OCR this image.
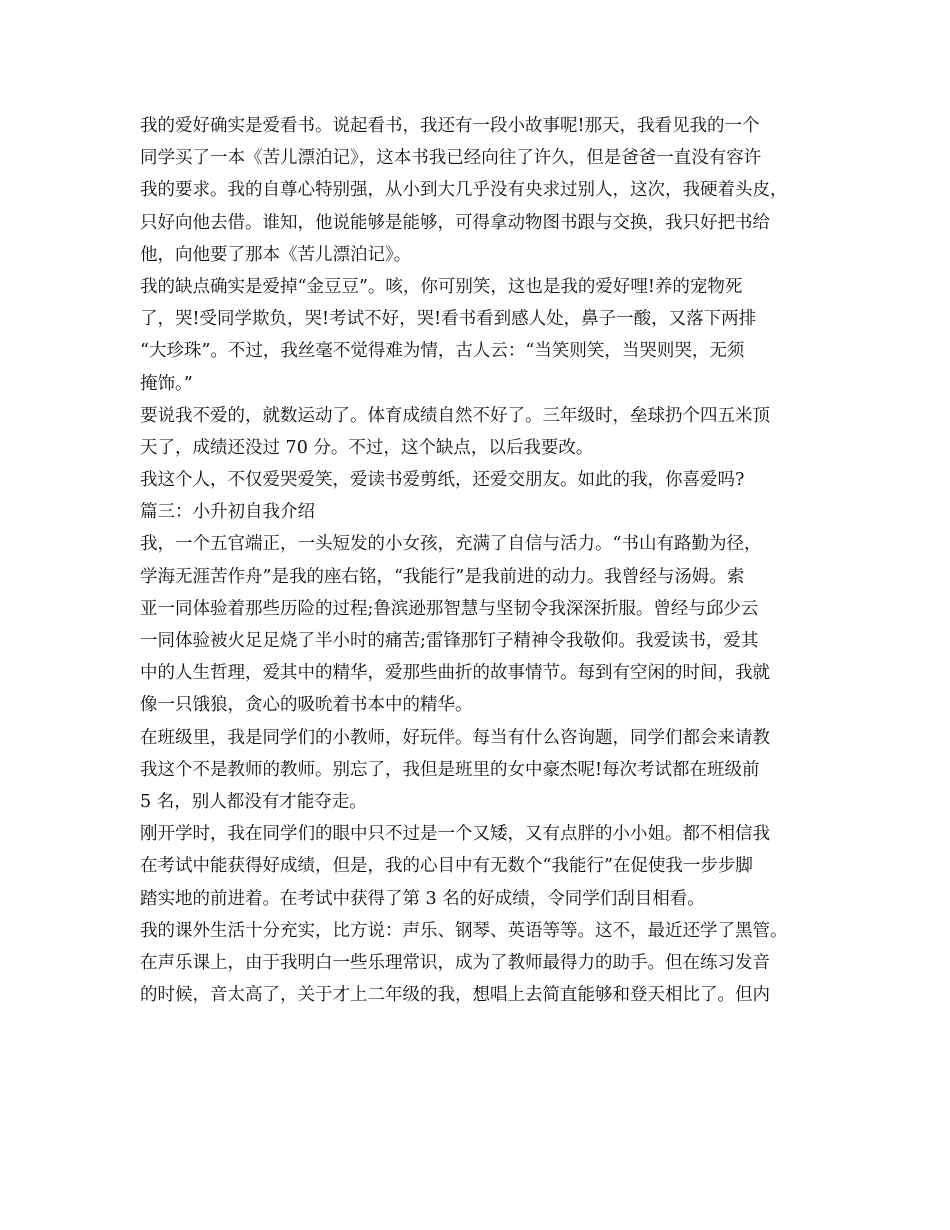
我的爱好确实是爱看书。说起看书，我还有一段小故事呢!那天，我看见我的一个
同学买了一本《苦儿漂泊记》，这本书我已经向往了许久，但是爸爸一直没有容许
我的要求。我的自尊心特别强，从小到大几乎没有央求过别人，这次，我硬着头皮，
只好向他去借。谁知，他说能够是能够，可得拿动物图书跟与交换，我只好把书给
他，向他要了那本《苦儿漂泊记》。
我的缺点确实是爱掉“金豆豆”。咳，你可别笑，这也是我的爱好哩!养的宠物死
了，哭!受同学欺负，哭!考试不好，哭!看书看到感人处，鼻子一酸，又落下两排
“大珍珠”。不过，我丝毫不觉得难为情，古人云：“当笑则笑，当哭则哭，无须
掩饰。”
要说我不爱的，就数运动了。体育成绩自然不好了。三年级时，垒球扔个四五米顶
天了，成绩还没过 70 分。不过，这个缺点，以后我要改。
我这个人，不仅爱哭爱笑，爱读书爱剪纸，还爱交朋友。如此的我，你喜爱吗?
篇三：小升初自我介绍
我，一个五官端正，一头短发的小女孩，充满了自信与活力。“书山有路勤为径，
学海无涯苦作舟”是我的座右铭，“我能行”是我前进的动力。我曾经与汤姆。索
亚一同体验着那些历险的过程;鲁滨逊那智慧与坚韧令我深深折服。曾经与邱少云
一同体验被火足足烧了半小时的痛苦;雷锋那钉子精神令我敬仰。我爱读书，爱其
中的人生哲理，爱其中的精华，爱那些曲折的故事情节。每到有空闲的时间，我就
像一只饿狼，贪心的吸吮着书本中的精华。
在班级里，我是同学们的小教师，好玩伴。每当有什么咨询题，同学们都会来请教
我这个不是教师的教师。别忘了，我但是班里的女中豪杰呢!每次考试都在班级前
5 名，别人都没有才能夺走。
刚开学时，我在同学们的眼中只不过是一个又矮，又有点胖的小小姐。都不相信我
在考试中能获得好成绩，但是，我的心目中有无数个“我能行”在促使我一步步脚
踏实地的前进着。在考试中获得了第 3 名的好成绩，令同学们刮目相看。
我的课外生活十分充实，比方说：声乐、钢琴、英语等等。这不，最近还学了黑管。
在声乐课上，由于我明白一些乐理常识，成为了教师最得力的助手。但在练习发音
的时候，音太高了，关于才上二年级的我，想唱上去简直能够和登天相比了。但内
